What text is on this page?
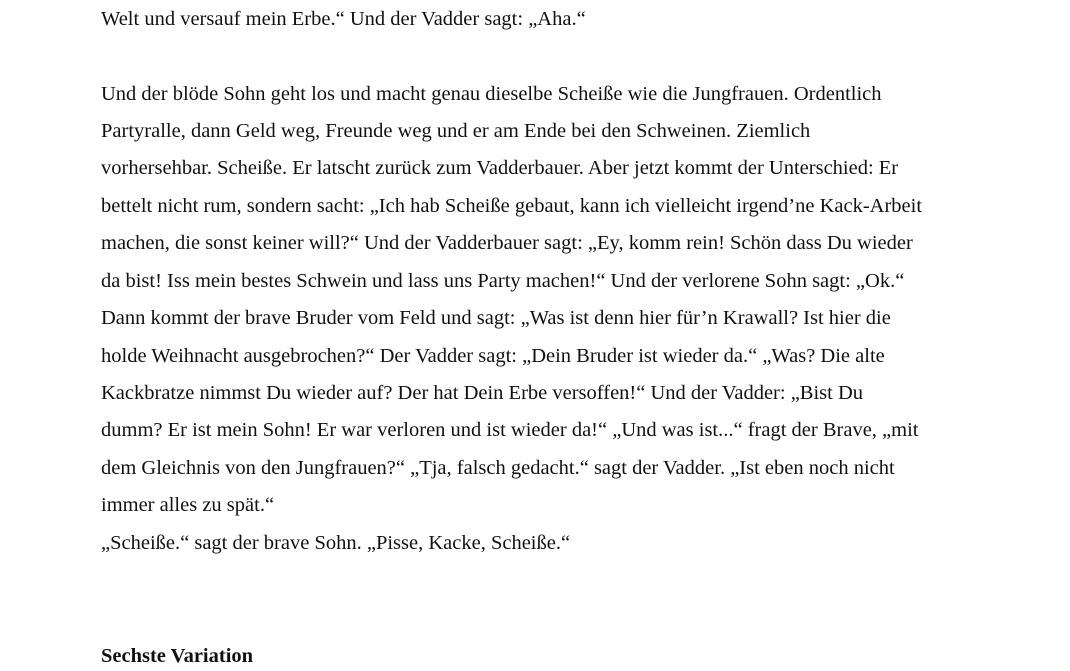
Welt und versauf mein Erbe.“ Und der Vadder sagt: „Aha.“
Und der blöde Sohn geht los und macht genau dieselbe Scheiße wie die Jungfrauen. Ordentlich
Partyralle, dann Geld weg, Freunde weg und er am Ende bei den Schweinen. Ziemlich
vorhersehbar. Scheiße. Er latscht zurück zum Vadderbauer. Aber jetzt kommt der Unterschied: Er
bettelt nicht rum, sondern sacht: „Ich hab Scheiße gebaut, kann ich vielleicht irgend’ne Kack-Arbeit
machen, die sonst keiner will?“ Und der Vadderbauer sagt: „Ey, komm rein! Schön dass Du wieder
da bist! Iss mein bestes Schwein und lass uns Party machen!“ Und der verlorene Sohn sagt: „Ok.“
Dann kommt der brave Bruder vom Feld und sagt: „Was ist denn hier für’n Krawall? Ist hier die
holde Weihnacht ausgebrochen?“ Der Vadder sagt: „Dein Bruder ist wieder da.“ „Was? Die alte
Kackbratze nimmst Du wieder auf? Der hat Dein Erbe versoffen!“ Und der Vadder: „Bist Du
dumm? Er ist mein Sohn! Er war verloren und ist wieder da!“ „Und was ist...“ fragt der Brave, „mit
dem Gleichnis von den Jungfrauen?“ „Tja, falsch gedacht.“ sagt der Vadder. „Ist eben noch nicht
immer alles zu spät.“
„Scheiße.“ sagt der brave Sohn. „Pisse, Kacke, Scheiße.“
Sechste Variation
